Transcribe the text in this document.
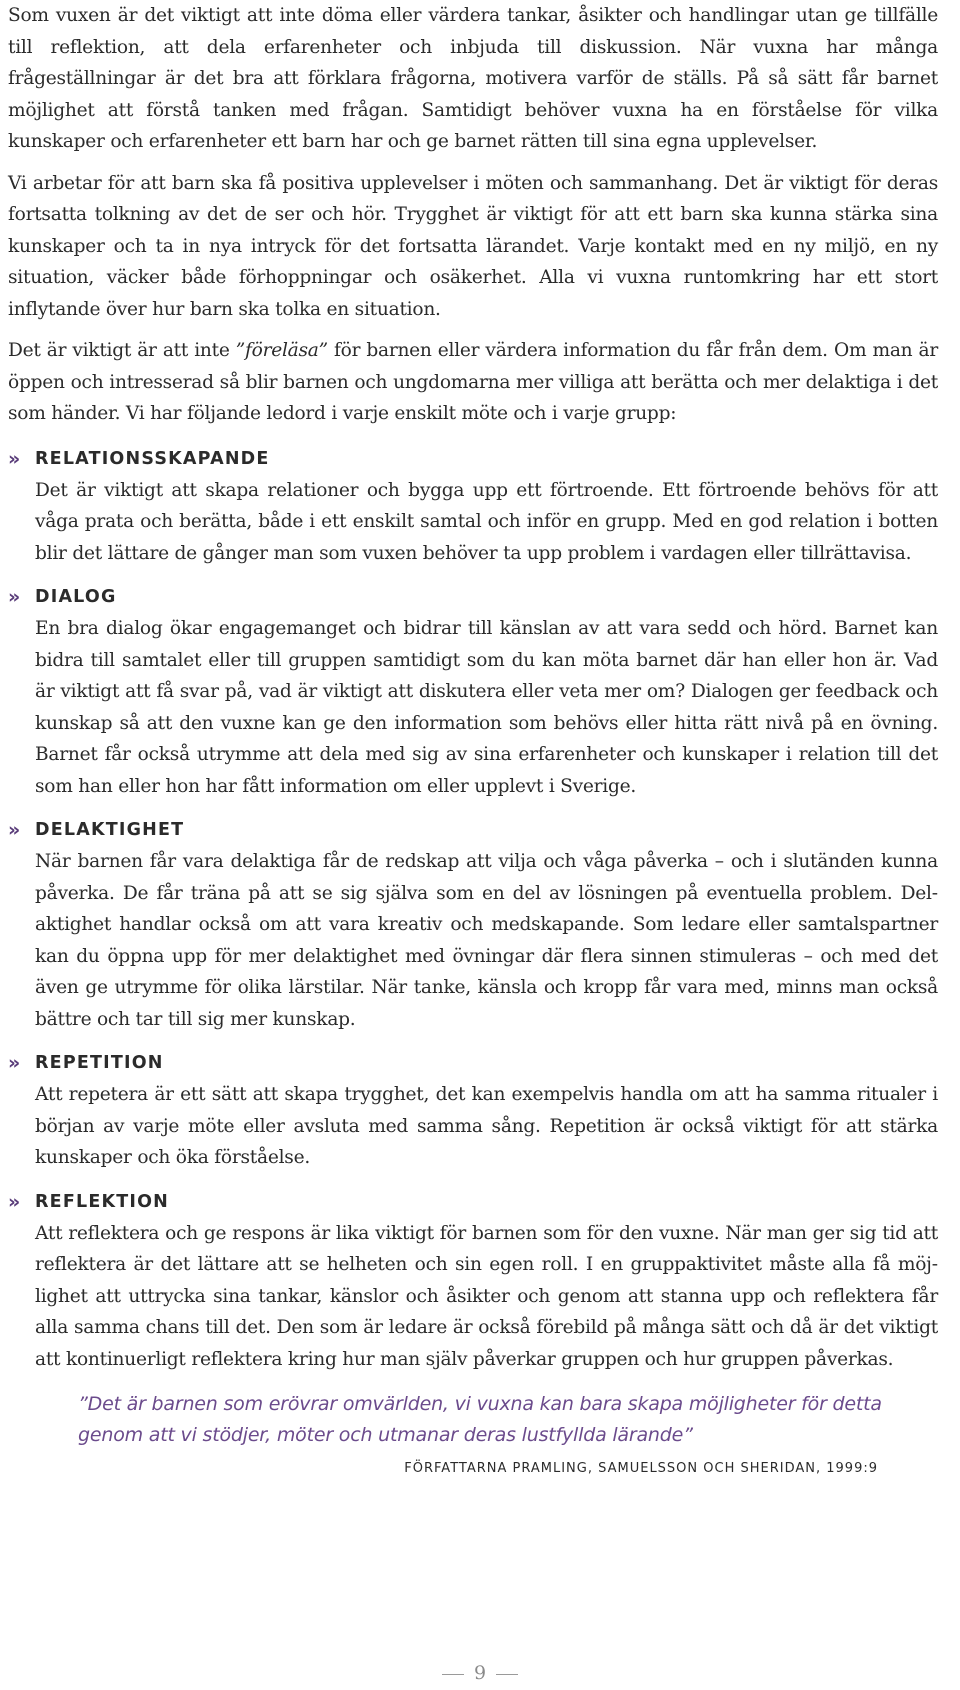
Som vuxen är det viktigt att inte döma eller värdera tankar, åsikter och handlingar utan ge tillfälle till reflektion, att dela erfarenheter och inbjuda till diskussion. När vuxna har många frågeställningar är det bra att förklara frågorna, motivera varför de ställs. På så sätt får barnet möjlighet att förstå tanken med frågan. Samtidigt behöver vuxna ha en förståelse för vilka kunskaper och erfarenheter ett barn har och ge barnet rätten till sina egna upplevelser.

Vi arbetar för att barn ska få positiva upplevelser i möten och sammanhang. Det är viktigt för deras fortsatta tolkning av det de ser och hör. Trygghet är viktigt för att ett barn ska kunna stärka sina kunskaper och ta in nya intryck för det fortsatta lärandet. Varje kontakt med en ny miljö, en ny situation, väcker både förhoppningar och osäkerhet. Alla vi vuxna runtomkring har ett stort inflytande över hur barn ska tolka en situation.

Det är viktigt är att inte ”föreläsa” för barnen eller värdera information du får från dem. Om man är öppen och intresserad så blir barnen och ungdomarna mer villiga att berätta och mer delaktiga i det som händer. Vi har följande ledord i varje enskilt möte och i varje grupp:

» RELATIONSSKAPANDE

Det är viktigt att skapa relationer och bygga upp ett förtroende. Ett förtroende behövs för att våga prata och berätta, både i ett enskilt samtal och inför en grupp. Med en god relation i botten blir det lättare de gånger man som vuxen behöver ta upp problem i vardagen eller tillrättavisa.

» DIALOG

En bra dialog ökar engagemanget och bidrar till känslan av att vara sedd och hörd. Barnet kan bidra till samtalet eller till gruppen samtidigt som du kan möta barnet där han eller hon är. Vad är viktigt att få svar på, vad är viktigt att diskutera eller veta mer om? Dialogen ger feedback och kunskap så att den vuxne kan ge den information som behövs eller hitta rätt nivå på en övning. Barnet får också utrymme att dela med sig av sina erfarenheter och kunskaper i relation till det som han eller hon har fått information om eller upplevt i Sverige.

» DELAKTIGHET

När barnen får vara delaktiga får de redskap att vilja och våga påverka – och i slutänden kunna påverka. De får träna på att se sig själva som en del av lösningen på eventuella problem. Delaktighet handlar också om att vara kreativ och medskapande. Som ledare eller samtalspartner kan du öppna upp för mer delaktighet med övningar där flera sinnen stimuleras – och med det även ge utrymme för olika lärstilar. När tanke, känsla och kropp får vara med, minns man också bättre och tar till sig mer kunskap.

» REPETITION

Att repetera är ett sätt att skapa trygghet, det kan exempelvis handla om att ha samma ritualer i början av varje möte eller avsluta med samma sång. Repetition är också viktigt för att stärka kunskaper och öka förståelse.

» REFLEKTION

Att reflektera och ge respons är lika viktigt för barnen som för den vuxne. När man ger sig tid att reflektera är det lättare att se helheten och sin egen roll. I en gruppaktivitet måste alla få möjlighet att uttrycka sina tankar, känslor och åsikter och genom att stanna upp och reflektera får alla samma chans till det. Den som är ledare är också förebild på många sätt och då är det viktigt att kontinuerligt reflektera kring hur man själv påverkar gruppen och hur gruppen påverkas.

”Det är barnen som erövrar omvärlden, vi vuxna kan bara skapa möjligheter för detta

genom att vi stödjer, möter och utmanar deras lustfyllda lärande”

FÖRFATTARNA PRAMLING, SAMUELSSON OCH SHERIDAN, 1999:9

9
